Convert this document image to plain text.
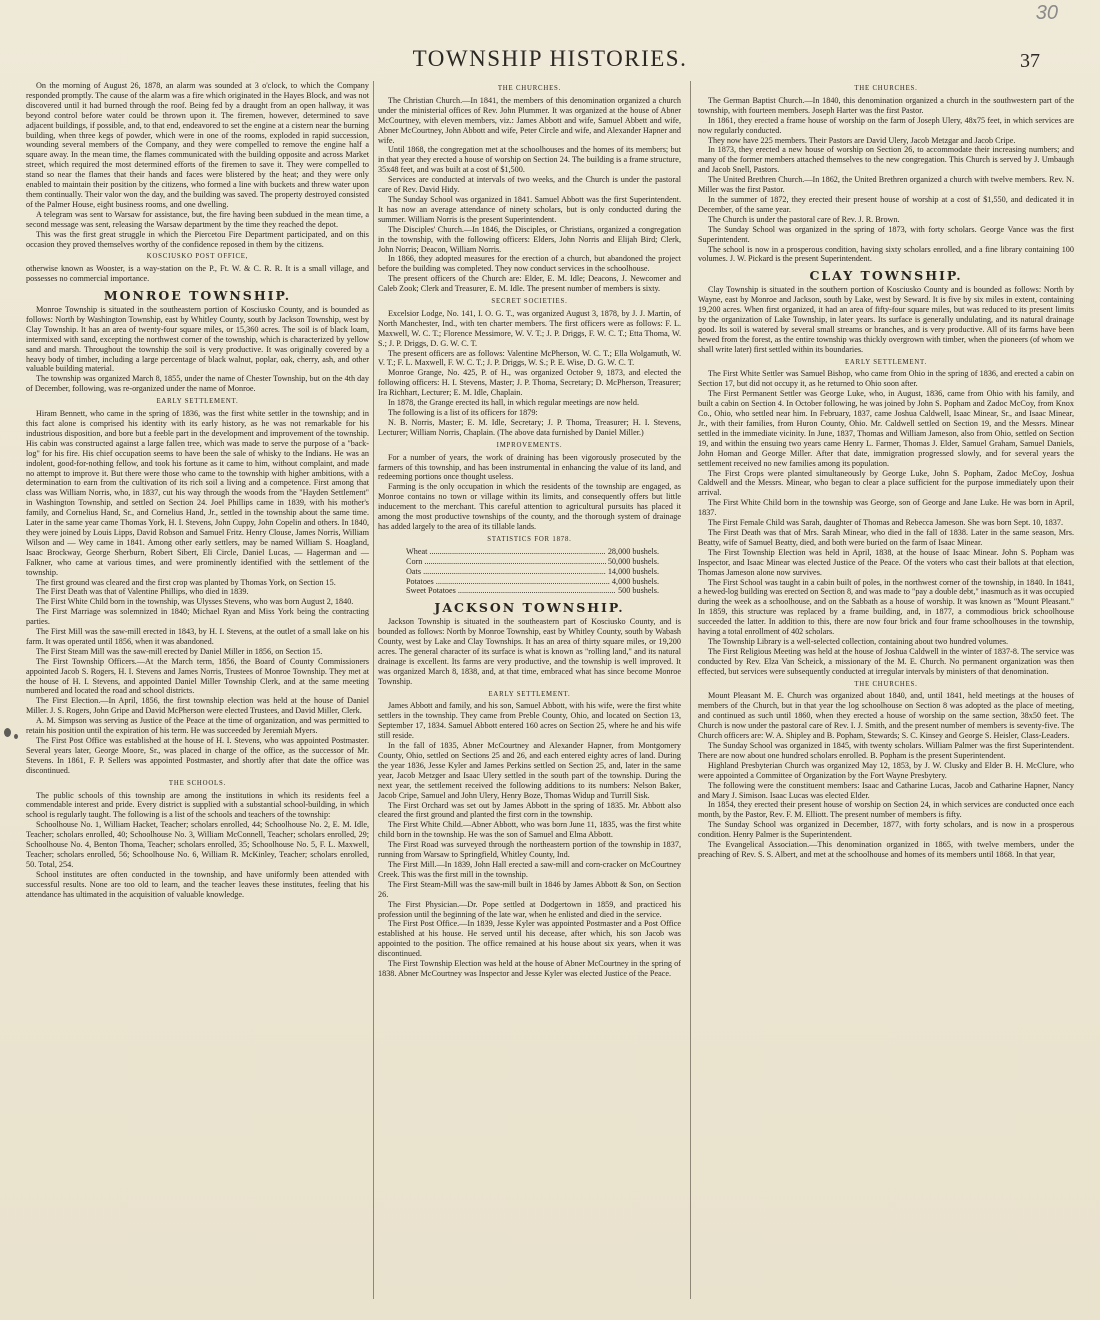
30
TOWNSHIP HISTORIES.	37

On the morning of August 26, 1878, an alarm was sounded at 3 o'clock, to which the Company responded promptly. The cause of the alarm was a fire which originated in the Hayes Block, and was not discovered until it had burned through the roof. Being fed by a draught from an open hallway, it was beyond control before water could be thrown upon it. The firemen, however, determined to save adjacent buildings, if possible, and, to that end, endeavored to set the engine at a cistern near the burning building, when three kegs of powder, which were in one of the rooms, exploded in rapid succession, wounding several members of the Company, and they were compelled to remove the engine half a square away. In the mean time, the flames communicated with the building opposite and across Market street, which required the most determined efforts of the firemen to save it. They were compelled to stand so near the flames that their hands and faces were blistered by the heat; and they were only enabled to maintain their position by the citizens, who formed a line with buckets and threw water upon them continually. Their valor won the day, and the building was saved. The property destroyed consisted of the Palmer House, eight business rooms, and one dwelling.

A telegram was sent to Warsaw for assistance, but, the fire having been subdued in the mean time, a second message was sent, releasing the Warsaw department by the time they reached the depot.

This was the first great struggle in which the Piercetou Fire Department participated, and on this occasion they proved themselves worthy of the confidence reposed in them by the citizens.

KOSCIUSKO POST OFFICE,

otherwise known as Wooster, is a way-station on the P., Ft. W. & C. R. R. It is a small village, and possesses no commercial importance.

MONROE TOWNSHIP.

Monroe Township is situated in the southeastern portion of Kosciusko County, and is bounded as follows: North by Washington Township, east by Whitley County, south by Jackson Township, west by Clay Township. It has an area of twenty-four square miles, or 15,360 acres. The soil is of black loam, intermixed with sand, excepting the northwest corner of the township, which is characterized by yellow sand and marsh. Throughout the township the soil is very productive. It was originally covered by a heavy body of timber, including a large percentage of black walnut, poplar, oak, cherry, ash, and other valuable building material.

The township was organized March 8, 1855, under the name of Chester Township, but on the 4th day of December, following, was re-organized under the name of Monroe.

EARLY SETTLEMENT.

Hiram Bennett, who came in the spring of 1836, was the first white settler in the township; and in this fact alone is comprised his identity with its early history, as he was not remarkable for his industrious disposition, and bore but a feeble part in the development and improvement of the township. His cabin was constructed against a large fallen tree, which was made to serve the purpose of a "back-log" for his fire. His chief occupation seems to have been the sale of whisky to the Indians. He was an indolent, good-for-nothing fellow, and took his fortune as it came to him, without complaint, and made no attempt to improve it. But there were those who came to the township with higher ambitions, with a determination to earn from the cultivation of its rich soil a living and a competence. First among that class was William Norris, who, in 1837, cut his way through the woods from the "Hayden Settlement" in Washington Township, and settled on Section 24. Joel Phillips came in 1839, with his mother's family, and Cornelius Hand, Sr., and Cornelius Hand, Jr., settled in the township about the same time. Later in the same year came Thomas York, H. I. Stevens, John Cuppy, John Copelin and others. In 1840, they were joined by Louis Lipps, David Robson and Samuel Fritz. Henry Clouse, James Norris, William Wilson and — Wey came in 1841. Among other early settlers, may be named William S. Hoagland, Isaac Brockway, George Sherburn, Robert Sibert, Eli Circle, Daniel Lucas, — Hagerman and — Falkner, who came at various times, and were prominently identified with the settlement of the township.

The first ground was cleared and the first crop was planted by Thomas York, on Section 15.

The First Death was that of Valentine Phillips, who died in 1839.

The First White Child born in the township, was Ulysses Stevens, who was born August 2, 1840.

The First Marriage was solemnized in 1840; Michael Ryan and Miss York being the contracting parties.

The First Mill was the saw-mill erected in 1843, by H. I. Stevens, at the outlet of a small lake on his farm. It was operated until 1856, when it was abandoned.

The First Steam Mill was the saw-mill erected by Daniel Miller in 1856, on Section 15.

The First Township Officers.—At the March term, 1856, the Board of County Commissioners appointed Jacob S. Rogers, H. I. Stevens and James Norris, Trustees of Monroe Township. They met at the house of H. I. Stevens, and appointed Daniel Miller Township Clerk, and at the same meeting numbered and located the road and school districts.

The First Election.—In April, 1856, the first township election was held at the house of Daniel Miller. J. S. Rogers, John Gripe and David McPherson were elected Trustees, and David Miller, Clerk.

A. M. Simpson was serving as Justice of the Peace at the time of organization, and was permitted to retain his position until the expiration of his term. He was succeeded by Jeremiah Myers.

The First Post Office was established at the house of H. I. Stevens, who was appointed Postmaster. Several years later, George Moore, Sr., was placed in charge of the office, as the successor of Mr. Stevens. In 1861, F. P. Sellers was appointed Postmaster, and shortly after that date the office was discontinued.

THE SCHOOLS.

The public schools of this township are among the institutions in which its residents feel a commendable interest and pride. Every district is supplied with a substantial school-building, in which school is regularly taught. The following is a list of the schools and teachers of the township:

Schoolhouse No. 1, William Hacket, Teacher; scholars enrolled, 44; Schoolhouse No. 2, E. M. Idle, Teacher; scholars enrolled, 40; Schoolhouse No. 3, William McConnell, Teacher; scholars enrolled, 29; Schoolhouse No. 4, Benton Thoma, Teacher; scholars enrolled, 35; Schoolhouse No. 5, F. L. Maxwell, Teacher; scholars enrolled, 56; Schoolhouse No. 6, William R. McKinley, Teacher; scholars enrolled, 50. Total, 254.

School institutes are often conducted in the township, and have uniformly been attended with successful results. None are too old to learn, and the teacher leaves these institutes, feeling that his attendance has ultimated in the acquisition of valuable knowledge.

THE CHURCHES.

The Christian Church.—In 1841, the members of this denomination organized a church under the ministerial offices of Rev. John Plummer. It was organized at the house of Abner McCourtney, with eleven members, viz.: James Abbott and wife, Samuel Abbett and wife, Abner McCourtney, John Abbott and wife, Peter Circle and wife, and Alexander Hapner and wife.

Until 1868, the congregation met at the schoolhouses and the homes of its members; but in that year they erected a house of worship on Section 24. The building is a frame structure, 35x48 feet, and was built at a cost of $1,500.

Services are conducted at intervals of two weeks, and the Church is under the pastoral care of Rev. David Hidy.

The Sunday School was organized in 1841. Samuel Abbott was the first Superintendent. It has now an average attendance of ninety scholars, but is only conducted during the summer. William Norris is the present Superintendent.

The Disciples' Church.—In 1846, the Disciples, or Christians, organized a congregation in the township, with the following officers: Elders, John Norris and Elijah Bird; Clerk, John Norris; Deacon, William Norris.

In 1866, they adopted measures for the erection of a church, but abandoned the project before the building was completed. They now conduct services in the schoolhouse.

The present officers of the Church are: Elder, E. M. Idle; Deacons, J. Newcomer and Caleb Zook; Clerk and Treasurer, E. M. Idle. The present number of members is sixty.

SECRET SOCIETIES.

Excelsior Lodge, No. 141, I. O. G. T., was organized August 3, 1878, by J. J. Martin, of North Manchester, Ind., with ten charter members. The first officers were as follows: F. L. Maxwell, W. C. T.; Florence Messimore, W. V. T.; J. P. Driggs, F. W. C. T.; Etta Thoma, W. S.; J. P. Driggs, D. G. W. C. T.

The present officers are as follows: Valentine McPherson, W. C. T.; Ella Wolgamuth, W. V. T.; F. L. Maxwell, F. W. C. T.; J. P. Driggs, W. S.; P. E. Wise, D. G. W. C. T.

Monroe Grange, No. 425, P. of H., was organized October 9, 1873, and elected the following officers: H. I. Stevens, Master; J. P. Thoma, Secretary; D. McPherson, Treasurer; Ira Richhart, Lecturer; E. M. Idle, Chaplain.

In 1878, the Grange erected its hall, in which regular meetings are now held.

The following is a list of its officers for 1879:

N. B. Norris, Master; E. M. Idle, Secretary; J. P. Thoma, Treasurer; H. I. Stevens, Lecturer; William Norris, Chaplain. (The above data furnished by Daniel Miller.)

IMPROVEMENTS.

For a number of years, the work of draining has been vigorously prosecuted by the farmers of this township, and has been instrumental in enhancing the value of its land, and redeeming portions once thought useless.

Farming is the only occupation in which the residents of the township are engaged, as Monroe contains no town or village within its limits, and consequently offers but little inducement to the merchant. This careful attention to agricultural pursuits has placed it among the most productive townships of the county, and the thorough system of drainage has added largely to the area of its tillable lands.

STATISTICS FOR 1878.
Wheat .....	28,000 bushels.
Corn .....	50,000 bushels.
Oats .....	14,000 bushels.
Potatoes .....	4,000 bushels.
Sweet Potatoes .....	500 bushels.
JACKSON TOWNSHIP.

Jackson Township is situated in the southeastern part of Kosciusko County, and is bounded as follows: North by Monroe Township, east by Whitley County, south by Wabash County, west by Lake and Clay Townships. It has an area of thirty square miles, or 19,200 acres. The general character of its surface is what is known as "rolling land," and its natural drainage is excellent. Its farms are very productive, and the township is well improved. It was organized March 8, 1838, and, at that time, embraced what has since become Monroe Township.

EARLY SETTLEMENT.

James Abbott and family, and his son, Samuel Abbott, with his wife, were the first white settlers in the township. They came from Preble County, Ohio, and located on Section 13, September 17, 1834. Samuel Abbott entered 160 acres on Section 25, where he and his wife still reside.

In the fall of 1835, Abner McCourtney and Alexander Hapner, from Montgomery County, Ohio, settled on Sections 25 and 26, and each entered eighty acres of land. During the year 1836, Jesse Kyler and James Perkins settled on Section 25, and, later in the same year, Jacob Metzger and Isaac Ulery settled in the south part of the township. During the next year, the settlement received the following additions to its numbers: Nelson Baker, Jacob Cripe, Samuel and John Ulery, Henry Boze, Thomas Widup and Turrill Sisk.

The First Orchard was set out by James Abbott in the spring of 1835. Mr. Abbott also cleared the first ground and planted the first corn in the township.

The First White Child.—Abner Abbott, who was born June 11, 1835, was the first white child born in the township. He was the son of Samuel and Elma Abbott.

The First Road was surveyed through the northeastern portion of the township in 1837, running from Warsaw to Springfield, Whitley County, Ind.

The First Mill.—In 1839, John Hall erected a saw-mill and corn-cracker on McCourtney Creek. This was the first mill in the township.

The First Steam-Mill was the saw-mill built in 1846 by James Abbott & Son, on Section 26.

The First Physician.—Dr. Pope settled at Dodgertown in 1859, and practiced his profession until the beginning of the late war, when he enlisted and died in the service.

The First Post Office.—In 1839, Jesse Kyler was appointed Postmaster and a Post Office established at his house. He served until his decease, after which, his son Jacob was appointed to the position. The office remained at his house about six years, when it was discontinued.

The First Township Election was held at the house of Abner McCourtney in the spring of 1838. Abner McCourtney was Inspector and Jesse Kyler was elected Justice of the Peace.

THE CHURCHES.

The German Baptist Church.—In 1840, this denomination organized a church in the southwestern part of the township, with fourteen members. Joseph Harter was the first Pastor.

In 1861, they erected a frame house of worship on the farm of Joseph Ulery, 48x75 feet, in which services are now regularly conducted.

They now have 225 members. Their Pastors are David Ulery, Jacob Metzgar and Jacob Cripe.

In 1873, they erected a new house of worship on Section 26, to accommodate their increasing numbers; and many of the former members attached themselves to the new congregation. This Church is served by J. Umbaugh and Jacob Snell, Pastors.

The United Brethren Church.—In 1862, the United Brethren organized a church with twelve members. Rev. N. Miller was the first Pastor.

In the summer of 1872, they erected their present house of worship at a cost of $1,550, and dedicated it in December, of the same year.

The Church is under the pastoral care of Rev. J. R. Brown.

The Sunday School was organized in the spring of 1873, with forty scholars. George Vance was the first Superintendent.

The school is now in a prosperous condition, having sixty scholars enrolled, and a fine library containing 100 volumes. J. W. Pickard is the present Superintendent.

CLAY TOWNSHIP.

Clay Township is situated in the southern portion of Kosciusko County and is bounded as follows: North by Wayne, east by Monroe and Jackson, south by Lake, west by Seward. It is five by six miles in extent, containing 19,200 acres. When first organized, it had an area of fifty-four square miles, but was reduced to its present limits by the organization of Lake Township, in later years. Its surface is generally undulating, and its natural drainage good. Its soil is watered by several small streams or branches, and is very productive. All of its farms have been hewed from the forest, as the entire township was thickly overgrown with timber, when the pioneers (of whom we shall write later) first settled within its boundaries.

EARLY SETTLEMENT.

The First White Settler was Samuel Bishop, who came from Ohio in the spring of 1836, and erected a cabin on Section 17, but did not occupy it, as he returned to Ohio soon after.

The First Permanent Settler was George Luke, who, in August, 1836, came from Ohio with his family, and built a cabin on Section 4. In October following, he was joined by John S. Popham and Zadoc McCoy, from Knox Co., Ohio, who settled near him. In February, 1837, came Joshua Caldwell, Isaac Minear, Sr., and Isaac Minear, Jr., with their families, from Huron County, Ohio. Mr. Caldwell settled on Section 19, and the Messrs. Minear settled in the immediate vicinity. In June, 1837, Thomas and William Jameson, also from Ohio, settled on Section 19, and within the ensuing two years came Henry L. Farmer, Thomas J. Elder, Samuel Graham, Samuel Daniels, John Homan and George Miller. After that date, immigration progressed slowly, and for several years the settlement received no new families among its population.

The First Crops were planted simultaneously by George Luke, John S. Popham, Zadoc McCoy, Joshua Caldwell and the Messrs. Minear, who began to clear a place sufficient for the purpose immediately upon their arrival.

The First White Child born in the township was George, son of George and Jane Luke. He was born in April, 1837.

The First Female Child was Sarah, daughter of Thomas and Rebecca Jameson. She was born Sept. 10, 1837.

The First Death was that of Mrs. Sarah Minear, who died in the fall of 1838. Later in the same season, Mrs. Beatty, wife of Samuel Beatty, died, and both were buried on the farm of Isaac Minear.

The First Township Election was held in April, 1838, at the house of Isaac Minear. John S. Popham was Inspector, and Isaac Minear was elected Justice of the Peace. Of the voters who cast their ballots at that election, Thomas Jameson alone now survives.

The First School was taught in a cabin built of poles, in the northwest corner of the township, in 1840. In 1841, a hewed-log building was erected on Section 8, and was made to "pay a double debt," inasmuch as it was occupied during the week as a schoolhouse, and on the Sabbath as a house of worship. It was known as "Mount Pleasant." In 1859, this structure was replaced by a frame building, and, in 1877, a commodious brick schoolhouse succeeded the latter. In addition to this, there are now four brick and four frame schoolhouses in the township, having a total enrollment of 402 scholars.

The Township Library is a well-selected collection, containing about two hundred volumes.

The First Religious Meeting was held at the house of Joshua Caldwell in the winter of 1837-8. The service was conducted by Rev. Elza Van Scheick, a missionary of the M. E. Church. No permanent organization was then effected, but services were subsequently conducted at irregular intervals by ministers of that denomination.

THE CHURCHES.

Mount Pleasant M. E. Church was organized about 1840, and, until 1841, held meetings at the houses of members of the Church, but in that year the log schoolhouse on Section 8 was adopted as the place of meeting, and continued as such until 1860, when they erected a house of worship on the same section, 38x50 feet. The Church is now under the pastoral care of Rev. I. J. Smith, and the present number of members is seventy-five. The Church officers are: W. A. Shipley and B. Popham, Stewards; S. C. Kinsey and George S. Heisler, Class-Leaders.

The Sunday School was organized in 1845, with twenty scholars. William Palmer was the first Superintendent. There are now about one hundred scholars enrolled. B. Popham is the present Superintendent.

Highland Presbyterian Church was organized May 12, 1853, by J. W. Clusky and Elder B. H. McClure, who were appointed a Committee of Organization by the Fort Wayne Presbytery.

The following were the constituent members: Isaac and Catharine Lucas, Jacob and Catharine Hapner, Nancy and Mary J. Simison. Isaac Lucas was elected Elder.

In 1854, they erected their present house of worship on Section 24, in which services are conducted once each month, by the Pastor, Rev. F. M. Elliott. The present number of members is fifty.

The Sunday School was organized in December, 1877, with forty scholars, and is now in a prosperous condition. Henry Palmer is the Superintendent.

The Evangelical Association.—This denomination organized in 1865, with twelve members, under the preaching of Rev. S. S. Albert, and met at the schoolhouse and homes of its members until 1868. In that year,
